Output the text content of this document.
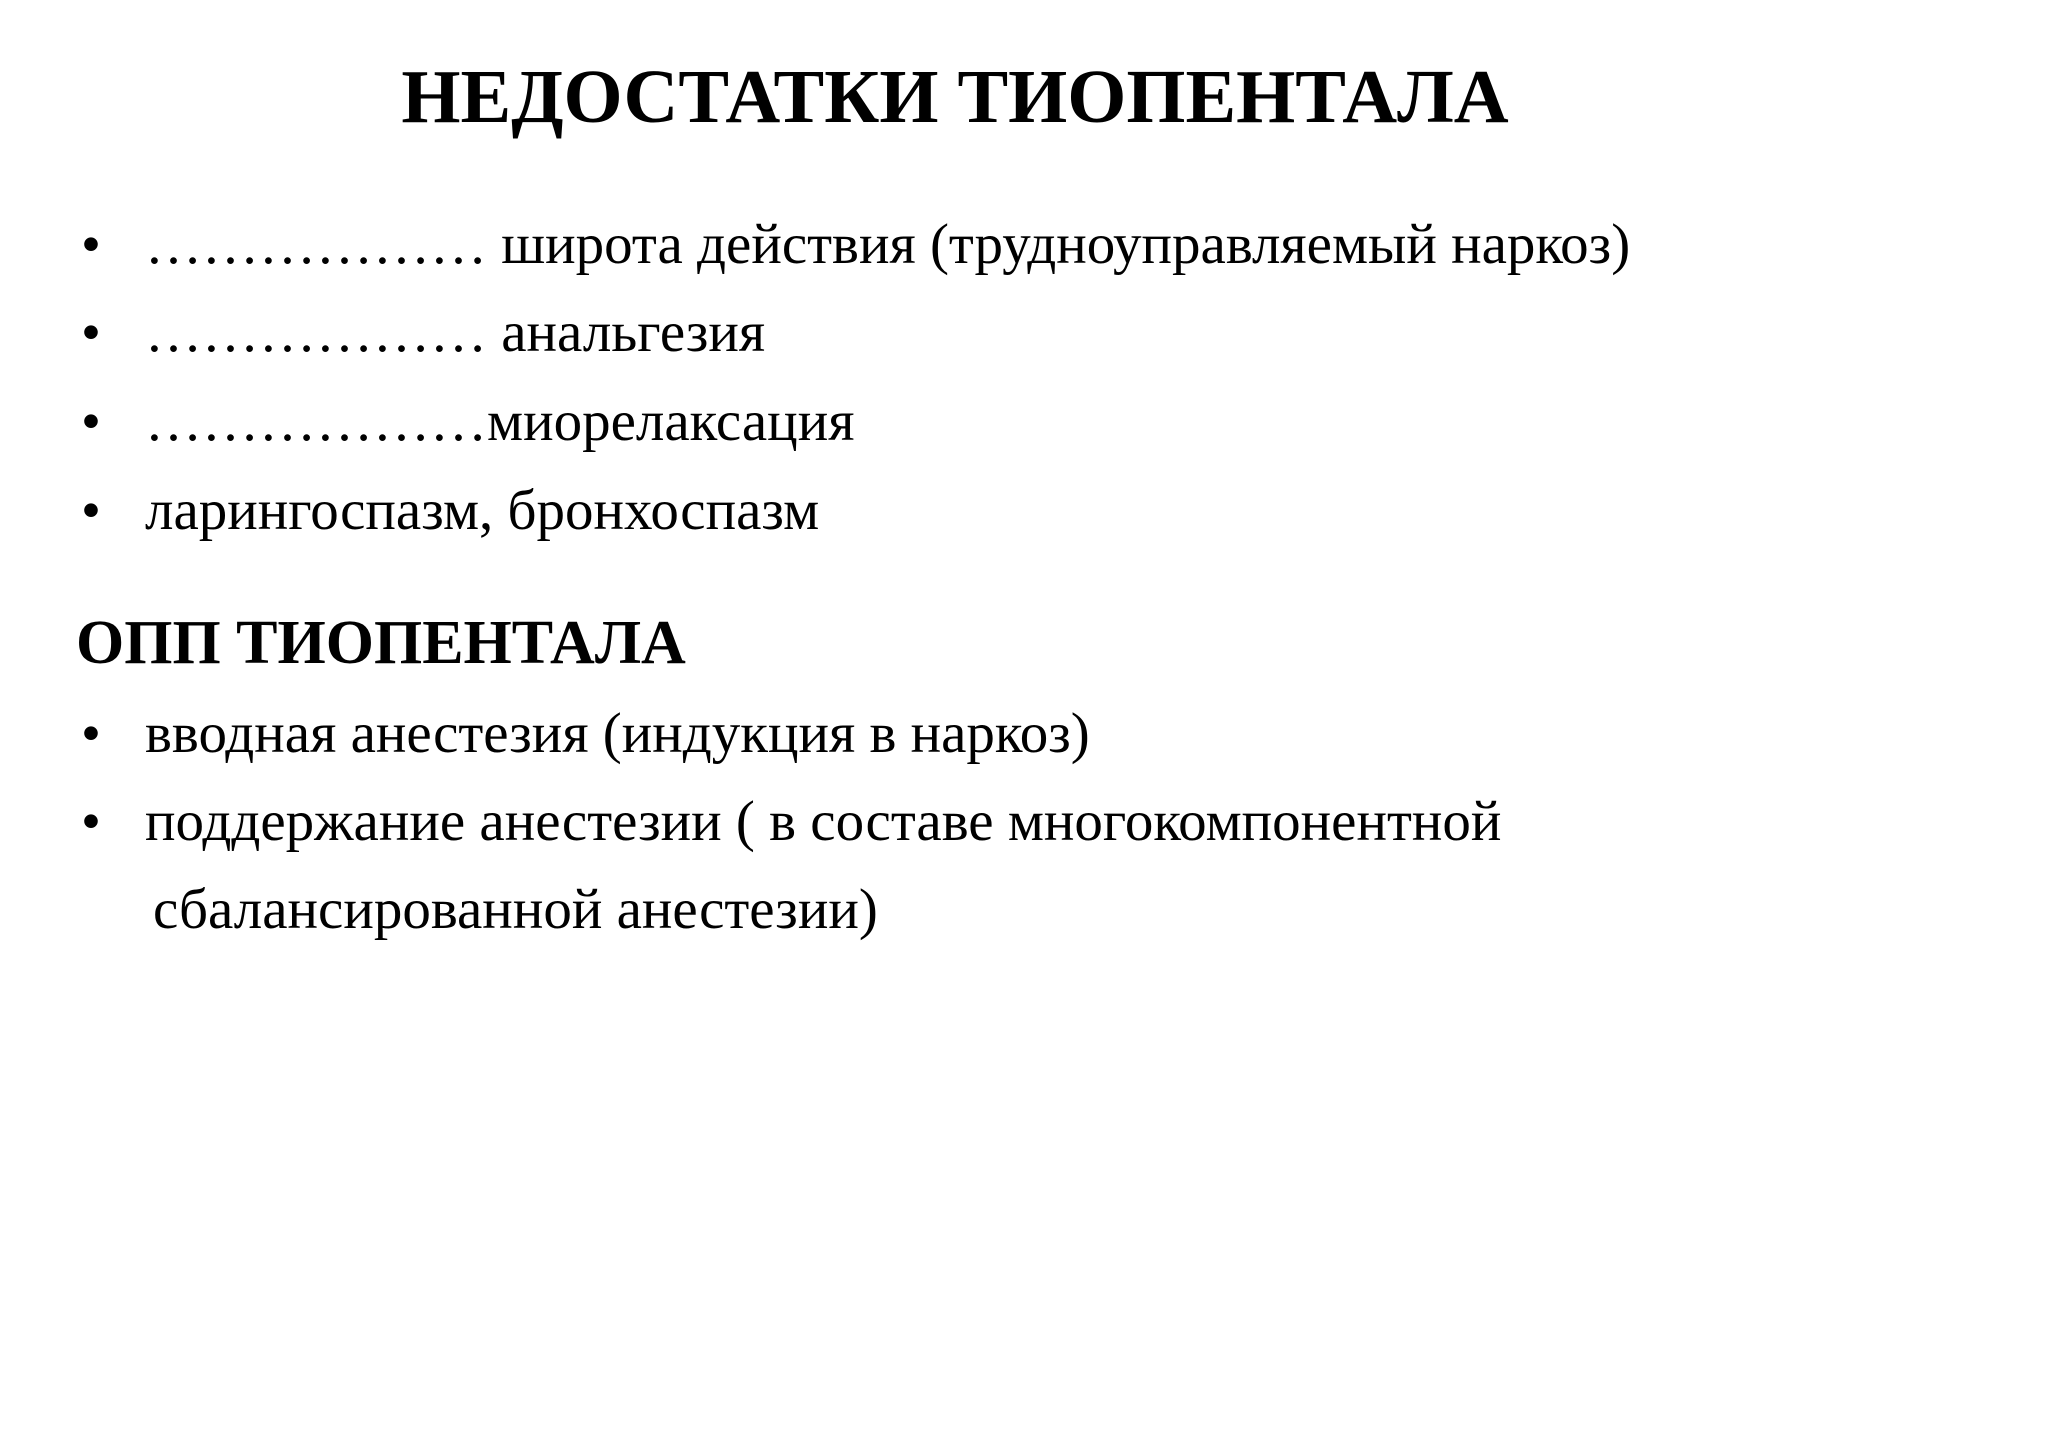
НЕДОСТАТКИ ТИОПЕНТАЛА
• ……………… широта действия (трудноуправляемый наркоз)
• ……………… анальгезия
• ………………миорелаксация
• ларингоспазм, бронхоспазм
ОПП ТИОПЕНТАЛА
• вводная анестезия (индукция в наркоз)
• поддержание анестезии ( в составе многокомпонентной
сбалансированной анестезии)
